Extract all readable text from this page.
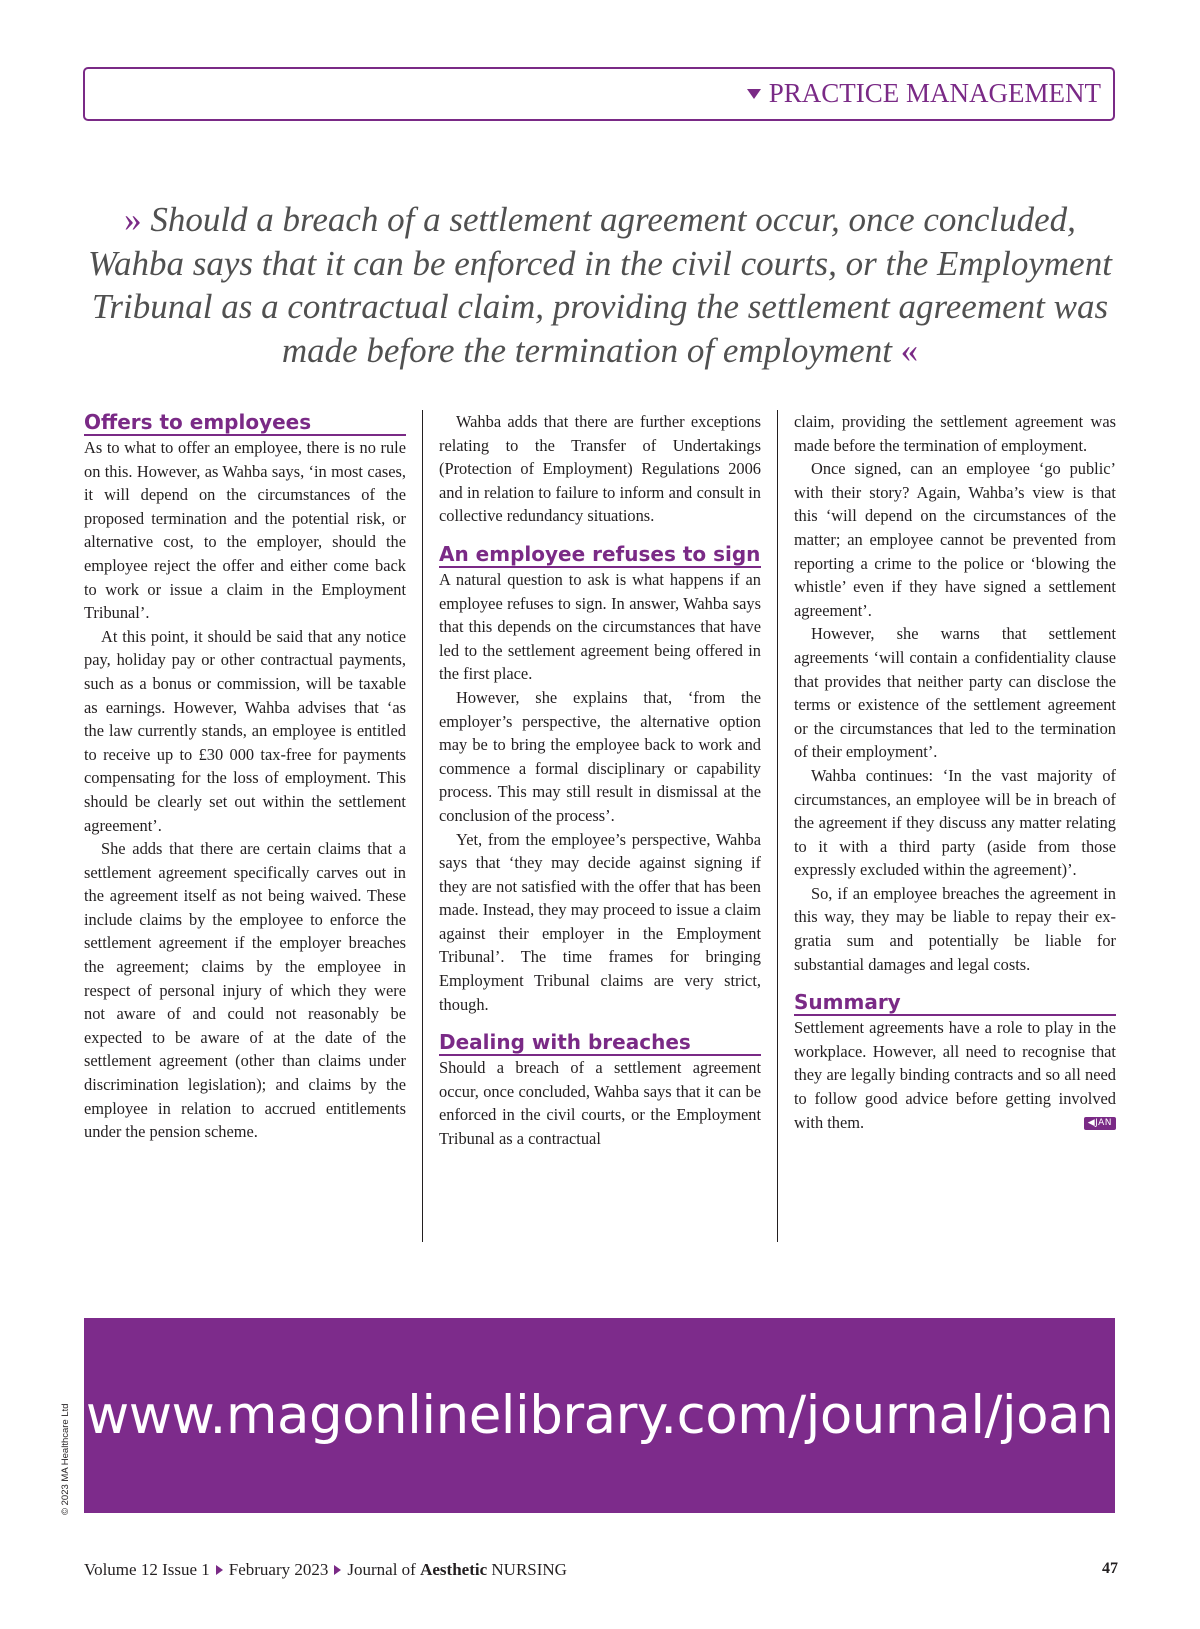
PRACTICE MANAGEMENT
» Should a breach of a settlement agreement occur, once concluded, Wahba says that it can be enforced in the civil courts, or the Employment Tribunal as a contractual claim, providing the settlement agreement was made before the termination of employment «
Offers to employees

As to what to offer an employee, there is no rule on this. However, as Wahba says, ‘in most cases, it will depend on the circumstances of the proposed termination and the potential risk, or alternative cost, to the employer, should the employee reject the offer and either come back to work or issue a claim in the Employment Tribunal’.

At this point, it should be said that any notice pay, holiday pay or other contractual payments, such as a bonus or commission, will be taxable as earnings. However, Wahba advises that ‘as the law currently stands, an employee is entitled to receive up to £30 000 tax-free for payments compensating for the loss of employment. This should be clearly set out within the settlement agreement’.

She adds that there are certain claims that a settlement agreement specifically carves out in the agreement itself as not being waived. These include claims by the employee to enforce the settlement agreement if the employer breaches the agreement; claims by the employee in respect of personal injury of which they were not aware of and could not reasonably be expected to be aware of at the date of the settlement agreement (other than claims under discrimination legislation); and claims by the employee in relation to accrued entitlements under the pension scheme.

Wahba adds that there are further exceptions relating to the Transfer of Undertakings (Protection of Employment) Regulations 2006 and in relation to failure to inform and consult in collective redundancy situations.

An employee refuses to sign

A natural question to ask is what happens if an employee refuses to sign. In answer, Wahba says that this depends on the circumstances that have led to the settlement agreement being offered in the first place.

However, she explains that, ‘from the employer’s perspective, the alternative option may be to bring the employee back to work and commence a formal disciplinary or capability process. This may still result in dismissal at the conclusion of the process’.

Yet, from the employee’s perspective, Wahba says that ‘they may decide against signing if they are not satisfied with the offer that has been made. Instead, they may proceed to issue a claim against their employer in the Employment Tribunal’. The time frames for bringing Employment Tribunal claims are very strict, though.

Dealing with breaches

Should a breach of a settlement agreement occur, once concluded, Wahba says that it can be enforced in the civil courts, or the Employment Tribunal as a contractual

claim, providing the settlement agreement was made before the termination of employment.

Once signed, can an employee ‘go public’ with their story? Again, Wahba’s view is that this ‘will depend on the circumstances of the matter; an employee cannot be prevented from reporting a crime to the police or ‘blowing the whistle’ even if they have signed a settlement agreement’.

However, she warns that settlement agreements ‘will contain a confidentiality clause that provides that neither party can disclose the terms or existence of the settlement agreement or the circumstances that led to the termination of their employment’.

Wahba continues: ‘In the vast majority of circumstances, an employee will be in breach of the agreement if they discuss any matter relating to it with a third party (aside from those expressly excluded within the agreement)’.

So, if an employee breaches the agreement in this way, they may be liable to repay their ex-gratia sum and potentially be liable for substantial damages and legal costs.

Summary

Settlement agreements have a role to play in the workplace. However, all need to recognise that they are legally binding contracts and so all need to follow good advice before getting involved with them.	◀JAN

www.magonlinelibrary.com/journal/joan
© 2023 MA Healthcare Ltd
Volume 12 Issue 1 February 2023 Journal of Aesthetic NURSING	47
